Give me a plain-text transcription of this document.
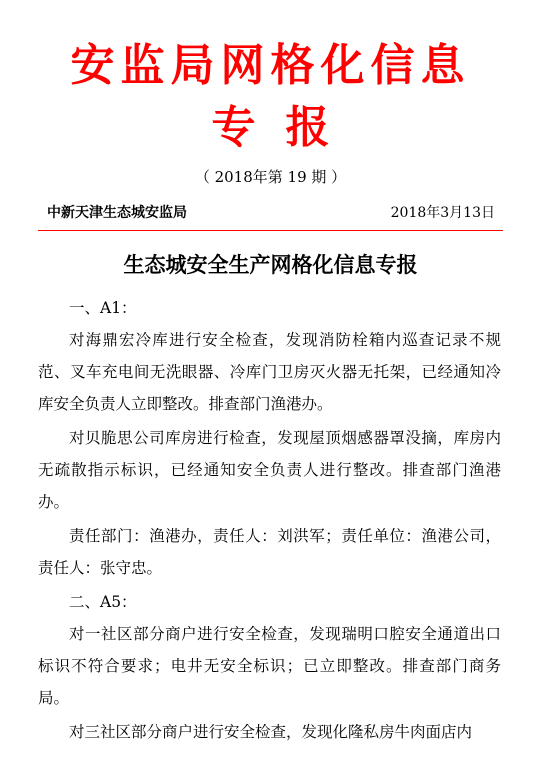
安监局网格化信息
专报
（ 2018年第 19 期 ）
中新天津生态城安监局	2018年3月13日
生态城安全生产网格化信息专报

一、A1：

对海鼎宏冷库进行安全检查，发现消防栓箱内巡查记录不规范、叉车充电间无洗眼器、冷库门卫房灭火器无托架，已经通知冷库安全负责人立即整改。排查部门渔港办。

对贝脆思公司库房进行检查，发现屋顶烟感器罩没摘，库房内无疏散指示标识，已经通知安全负责人进行整改。排查部门渔港办。

责任部门：渔港办，责任人：刘洪军；责任单位：渔港公司，责任人：张守忠。

二、A5：

对一社区部分商户进行安全检查，发现瑞明口腔安全通道出口标识不符合要求；电井无安全标识；已立即整改。排查部门商务局。

对三社区部分商户进行安全检查，发现化隆私房牛肉面店内
